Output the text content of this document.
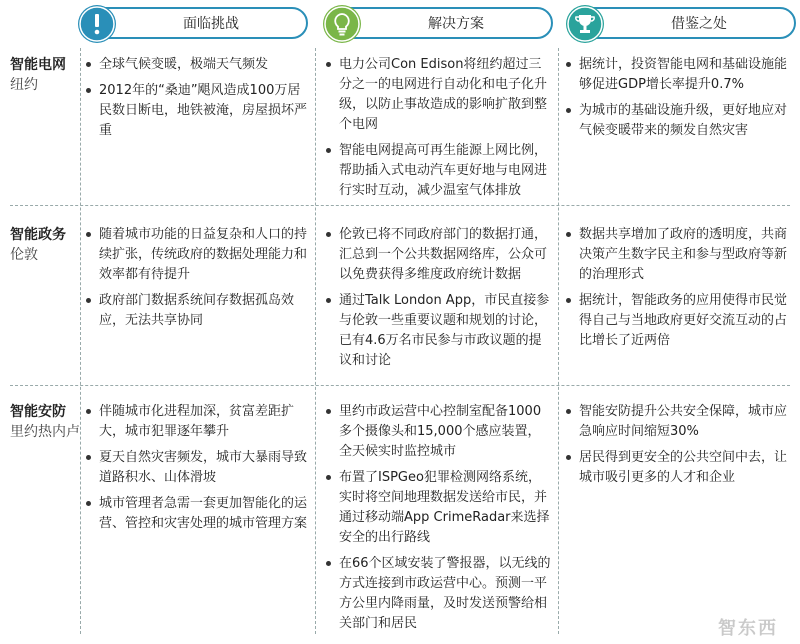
面临挑战	解决方案	借鉴之处
智能电网
纽约
全球气候变暖，极端天气频发
2012年的“桑迪”飓风造成100万居民数日断电，地铁被淹，房屋损坏严重
电力公司Con Edison将纽约超过三分之一的电网进行自动化和电子化升级，以防止事故造成的影响扩散到整个电网
智能电网提高可再生能源上网比例，帮助插入式电动汽车更好地与电网进行实时互动，减少温室气体排放
据统计，投资智能电网和基础设施能够促进GDP增长率提升0.7%
为城市的基础设施升级，更好地应对气候变暖带来的频发自然灾害
智能政务
伦敦
随着城市功能的日益复杂和人口的持续扩张，传统政府的数据处理能力和效率都有待提升
政府部门数据系统间存数据孤岛效应，无法共享协同
伦敦已将不同政府部门的数据打通，汇总到一个公共数据网络库，公众可以免费获得多维度政府统计数据
通过Talk London App，市民直接参与伦敦一些重要议题和规划的讨论，已有4.6万名市民参与市政议题的提议和讨论
数据共享增加了政府的透明度，共商决策产生数字民主和参与型政府等新的治理形式
据统计，智能政务的应用使得市民觉得自己与当地政府更好交流互动的占比增长了近两倍
智能安防
里约热内卢
伴随城市化进程加深，贫富差距扩大，城市犯罪逐年攀升
夏天自然灾害频发，城市大暴雨导致道路积水、山体滑坡
城市管理者急需一套更加智能化的运营、管控和灾害处理的城市管理方案
里约市政运营中心控制室配备1000多个摄像头和15,000个感应装置，全天候实时监控城市
布置了ISPGeo犯罪检测网络系统，实时将空间地理数据发送给市民，并通过移动端App CrimeRadar来选择安全的出行路线
在66个区域安装了警报器，以无线的方式连接到市政运营中心。预测一平方公里内降雨量，及时发送预警给相关部门和居民
智能安防提升公共安全保障，城市应急响应时间缩短30%
居民得到更安全的公共空间中去，让城市吸引更多的人才和企业
智东西
